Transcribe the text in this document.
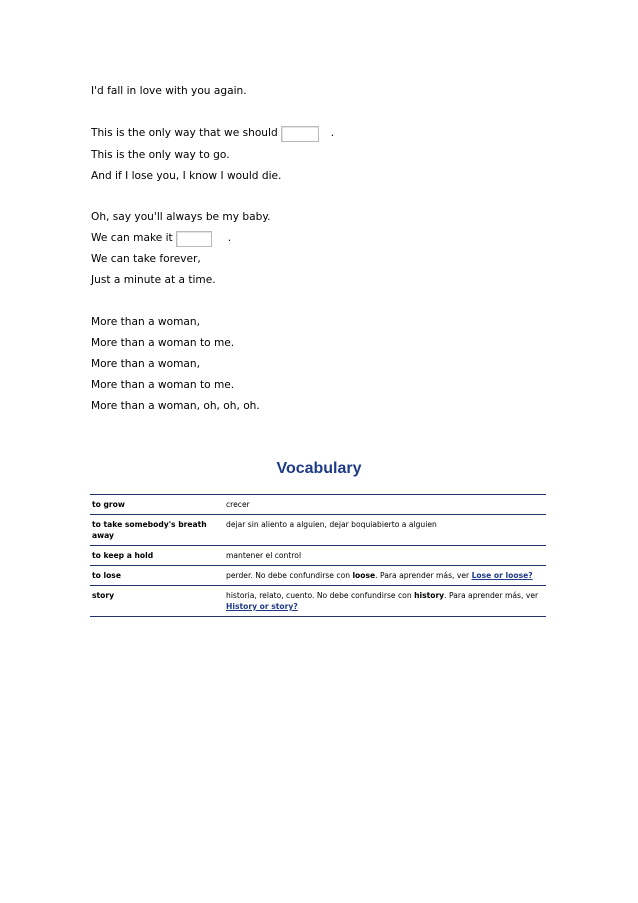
I'd fall in love with you again.
This is the only way that we should	.
This is the only way to go.
And if I lose you, I know I would die.
Oh, say you'll always be my baby.
We can make it	.
We can take forever,
Just a minute at a time.
More than a woman,
More than a woman to me.
More than a woman,
More than a woman to me.
More than a woman, oh, oh, oh.
Vocabulary
to grow	crecer
to take somebody's breath away	dejar sin aliento a alguien, dejar boquiabierto a alguien
to keep a hold	mantener el control
to lose	perder. No debe confundirse con loose. Para aprender más, ver Lose or loose?
story	historia, relato, cuento. No debe confundirse con history. Para aprender más, ver History or story?
